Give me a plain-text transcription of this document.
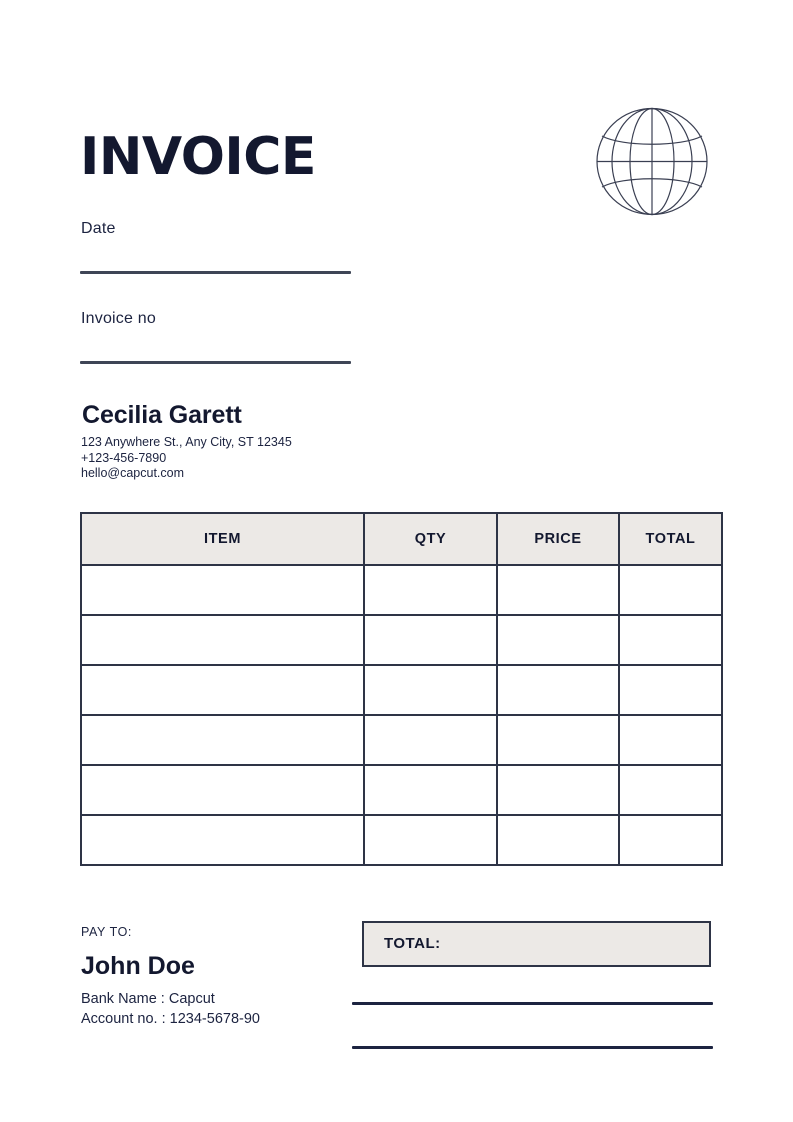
INVOICE
Date
Invoice no
Cecilia Garett
123 Anywhere St., Any City, ST 12345
+123-456-7890
hello@capcut.com
ITEM	QTY	PRICE	TOTAL

PAY TO:
John Doe
Bank Name : Capcut
Account no. : 1234-5678-90
TOTAL:
